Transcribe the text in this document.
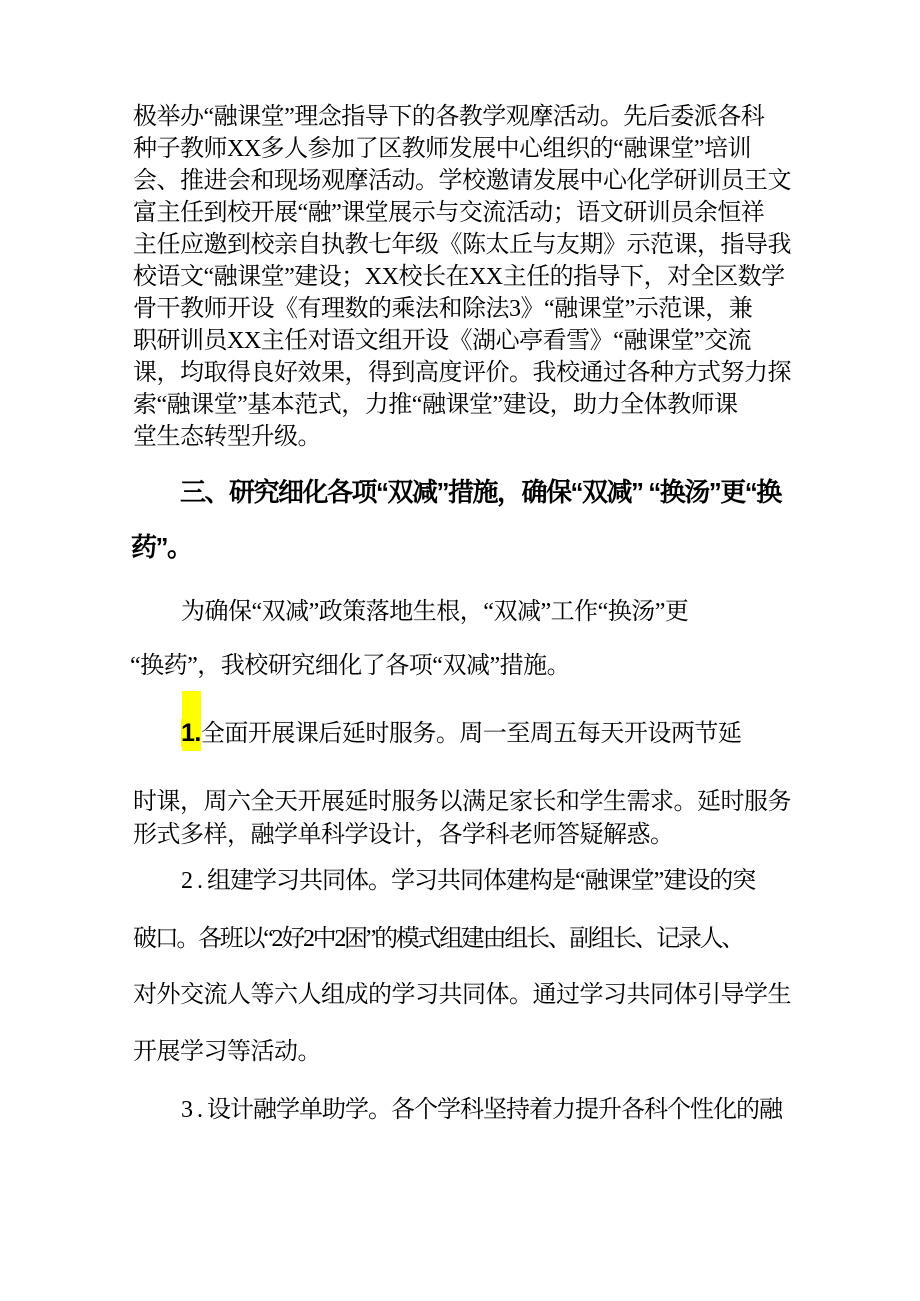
极举办“融课堂”理念指导下的各教学观摩活动。先后委派各科
种子教师XX多人参加了区教师发展中心组织的“融课堂”培训
会、推进会和现场观摩活动。学校邀请发展中心化学研训员王文
富主任到校开展“融”课堂展示与交流活动；语文研训员余恒祥
主任应邀到校亲自执教七年级《陈太丘与友期》示范课，指导我
校语文“融课堂”建设；XX校长在XX主任的指导下，对全区数学
骨干教师开设《有理数的乘法和除法3》“融课堂”示范课，兼
职研训员XX主任对语文组开设《湖心亭看雪》“融课堂”交流
课，均取得良好效果，得到高度评价。我校通过各种方式努力探
索“融课堂”基本范式，力推“融课堂”建设，助力全体教师课
堂生态转型升级。
三、研究细化各项“双减”措施，确保“双减” “换汤”更“换
药”。
为确保“双减”政策落地生根，“双减”工作“换汤”更
“换药”，我校研究细化了各项“双减”措施。
1.全面开展课后延时服务。周一至周五每天开设两节延
时课，周六全天开展延时服务以满足家长和学生需求。延时服务
形式多样，融学单科学设计，各学科老师答疑解惑。
2 . 组建学习共同体。学习共同体建构是“融课堂”建设的突
破口。各班以“2好2中2困”的模式组建由组长、副组长、记录人、
对外交流人等六人组成的学习共同体。通过学习共同体引导学生
开展学习等活动。
3 . 设计融学单助学。各个学科坚持着力提升各科个性化的融
